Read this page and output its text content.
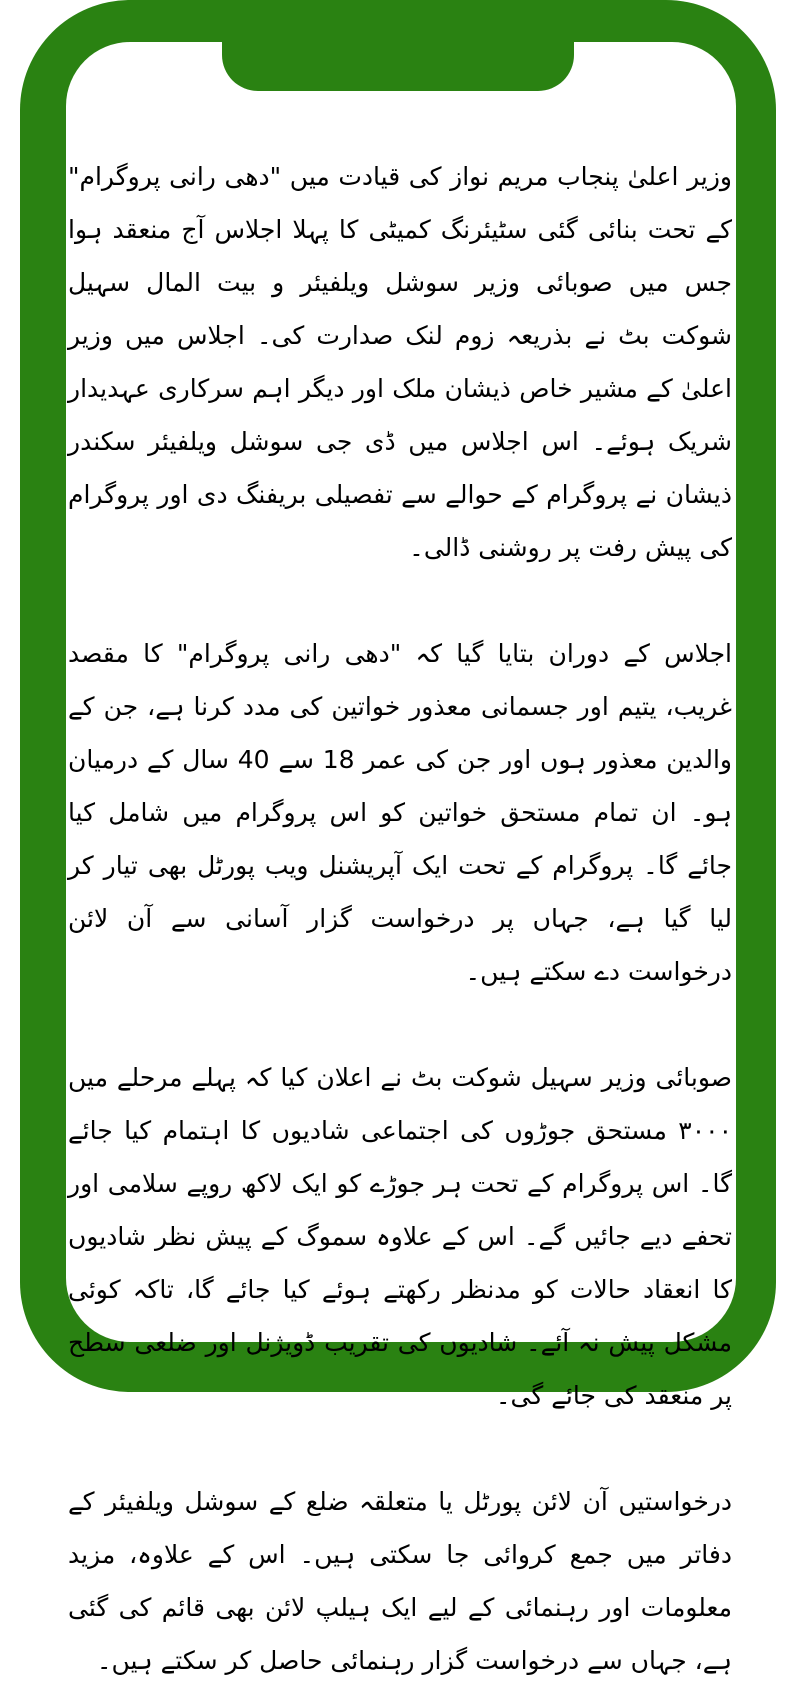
وزیر اعلیٰ پنجاب مریم نواز کی قیادت میں "دھی رانی پروگرام" کے تحت بنائی گئی سٹیئرنگ کمیٹی کا پہلا اجلاس آج منعقد ہوا جس میں صوبائی وزیر سوشل ویلفیئر و بیت المال سہیل شوکت بٹ نے بذریعہ زوم لنک صدارت کی۔ اجلاس میں وزیر اعلیٰ کے مشیر خاص ذیشان ملک اور دیگر اہم سرکاری عہدیدار شریک ہوئے۔ اس اجلاس میں ڈی جی سوشل ویلفیئر سکندر ذیشان نے پروگرام کے حوالے سے تفصیلی بریفنگ دی اور پروگرام کی پیش رفت پر روشنی ڈالی۔

اجلاس کے دوران بتایا گیا کہ "دھی رانی پروگرام" کا مقصد غریب، یتیم اور جسمانی معذور خواتین کی مدد کرنا ہے، جن کے والدین معذور ہوں اور جن کی عمر 18 سے 40 سال کے درمیان ہو۔ ان تمام مستحق خواتین کو اس پروگرام میں شامل کیا جائے گا۔ پروگرام کے تحت ایک آپریشنل ویب پورٹل بھی تیار کر لیا گیا ہے، جہاں پر درخواست گزار آسانی سے آن لائن درخواست دے سکتے ہیں۔

صوبائی وزیر سہیل شوکت بٹ نے اعلان کیا کہ پہلے مرحلے میں ۳۰۰۰ مستحق جوڑوں کی اجتماعی شادیوں کا اہتمام کیا جائے گا۔ اس پروگرام کے تحت ہر جوڑے کو ایک لاکھ روپے سلامی اور تحفے دیے جائیں گے۔ اس کے علاوہ سموگ کے پیش نظر شادیوں کا انعقاد حالات کو مدنظر رکھتے ہوئے کیا جائے گا، تاکہ کوئی مشکل پیش نہ آئے۔ شادیوں کی تقریب ڈویژنل اور ضلعی سطح پر منعقد کی جائے گی۔

درخواستیں آن لائن پورٹل یا متعلقہ ضلع کے سوشل ویلفیئر کے دفاتر میں جمع کروائی جا سکتی ہیں۔ اس کے علاوہ، مزید معلومات اور رہنمائی کے لیے ایک ہیلپ لائن بھی قائم کی گئی ہے، جہاں سے درخواست گزار رہنمائی حاصل کر سکتے ہیں۔
